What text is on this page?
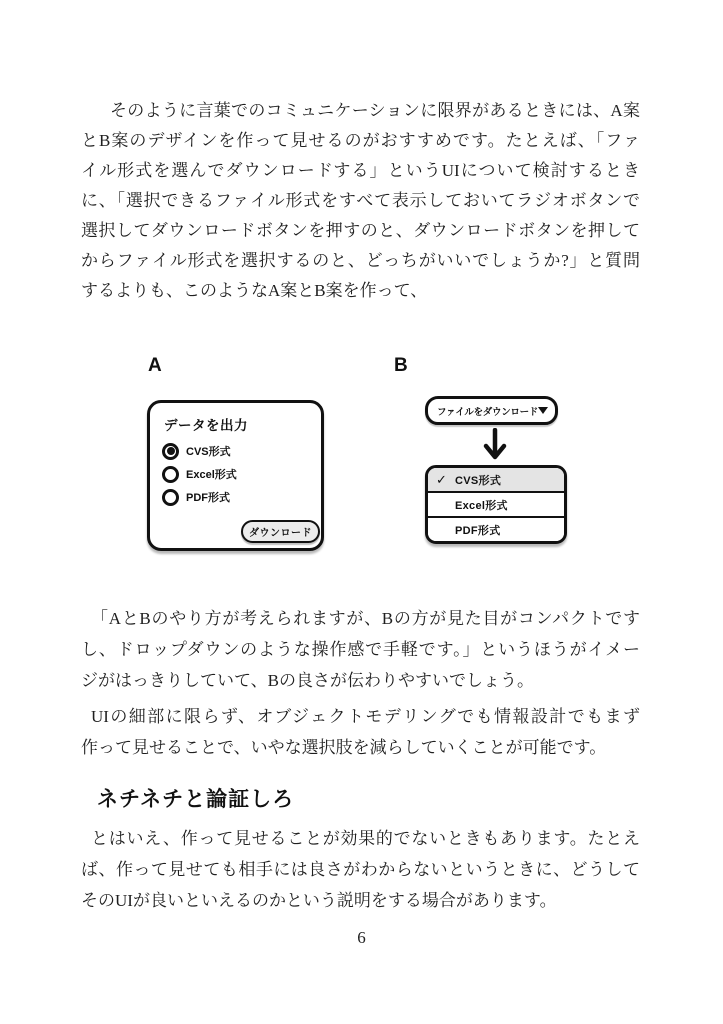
そのように言葉でのコミュニケーションに限界があるときには、A案
とB案のデザインを作って見せるのがおすすめです。たとえば、「ファ
イル形式を選んでダウンロードする」というUIについて検討するとき
に、「選択できるファイル形式をすべて表示しておいてラジオボタンで
選択してダウンロードボタンを押すのと、ダウンロードボタンを押して
からファイル形式を選択するのと、どっちがいいでしょうか?」と質問
するよりも、このようなA案とB案を作って、
A	B
データを出力
CVS形式
Excel形式
PDF形式
ダウンロード
ファイルをダウンロード
✓ CVS形式
Excel形式
PDF形式
「AとBのやり方が考えられますが、Bの方が見た目がコンパクトです
し、ドロップダウンのような操作感で手軽です。」というほうがイメー
ジがはっきりしていて、Bの良さが伝わりやすいでしょう。
UIの細部に限らず、オブジェクトモデリングでも情報設計でもまず
作って見せることで、いやな選択肢を減らしていくことが可能です。
ネチネチと論証しろ
とはいえ、作って見せることが効果的でないときもあります。たとえ
ば、作って見せても相手には良さがわからないというときに、どうして
そのUIが良いといえるのかという説明をする場合があります。
6
